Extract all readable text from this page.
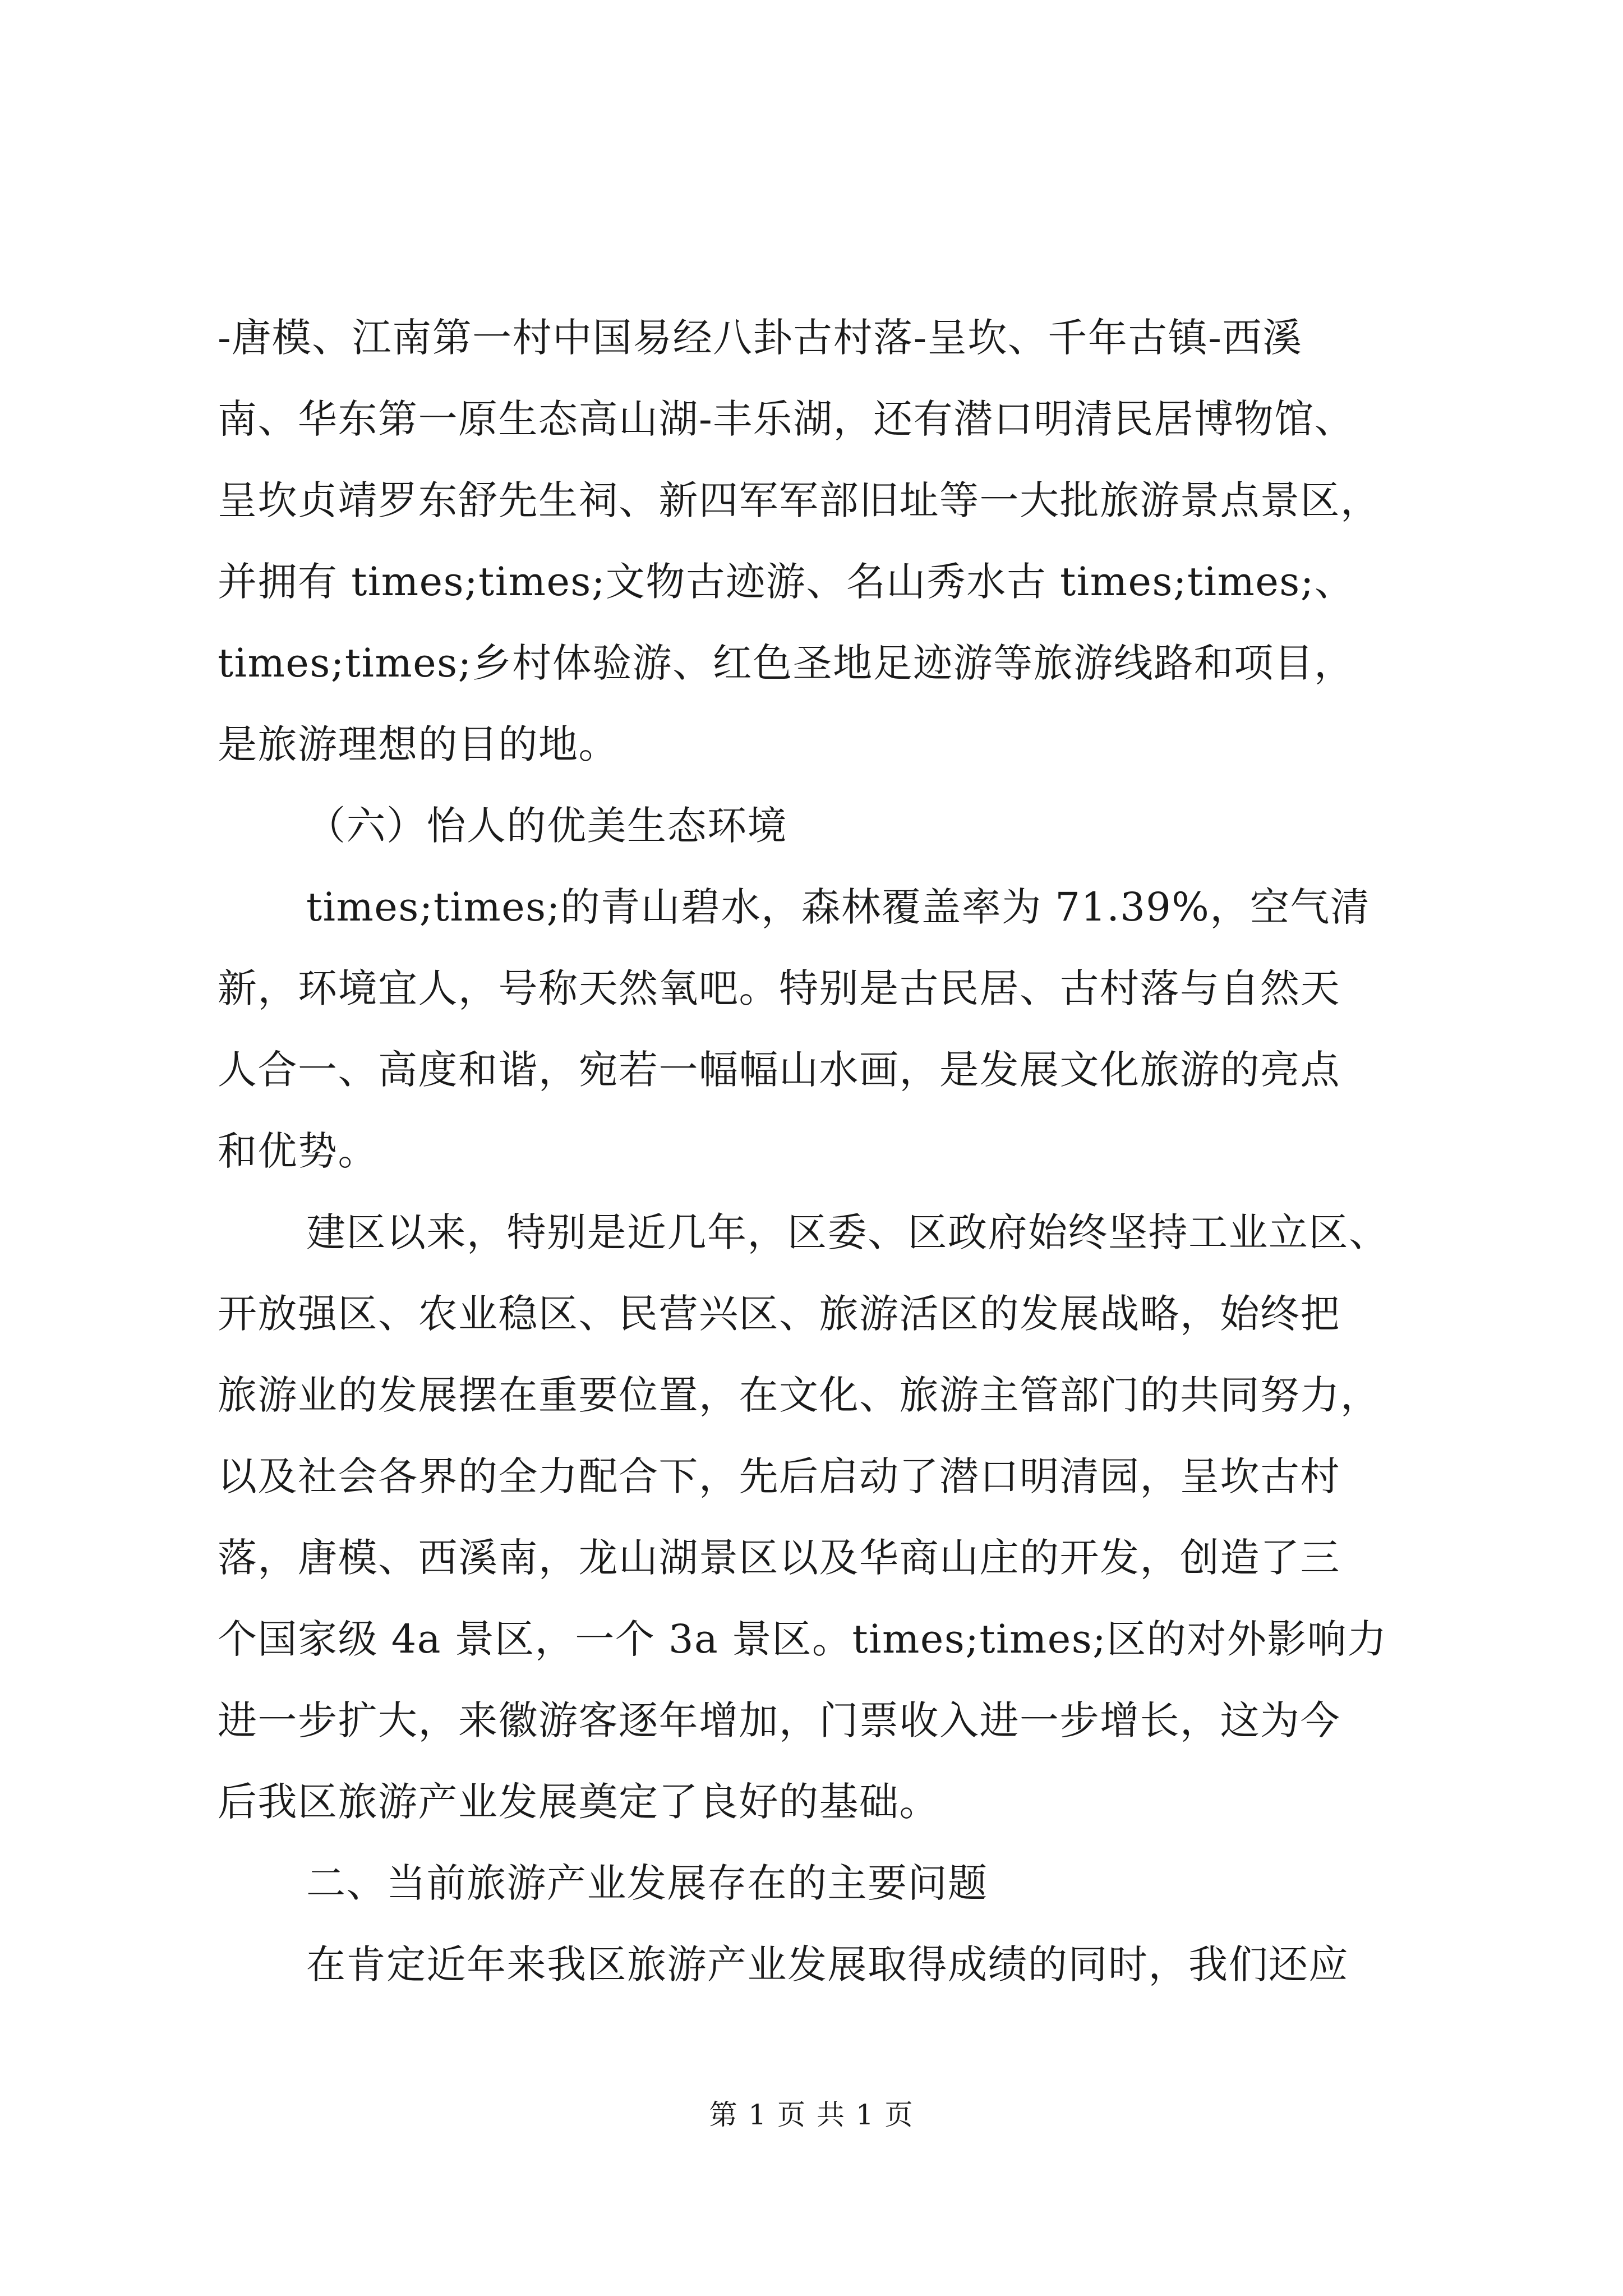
-唐模、江南第一村中国易经八卦古村落-呈坎、千年古镇-西溪
南、华东第一原生态高山湖-丰乐湖，还有潜口明清民居博物馆、
呈坎贞靖罗东舒先生祠、新四军军部旧址等一大批旅游景点景区，
并拥有 times;times;文物古迹游、名山秀水古 times;times;、
times;times;乡村体验游、红色圣地足迹游等旅游线路和项目，
是旅游理想的目的地。
（六）怡人的优美生态环境
times;times;的青山碧水，森林覆盖率为 71.39%，空气清
新，环境宜人，号称天然氧吧。特别是古民居、古村落与自然天
人合一、高度和谐，宛若一幅幅山水画，是发展文化旅游的亮点
和优势。
建区以来，特别是近几年，区委、区政府始终坚持工业立区、
开放强区、农业稳区、民营兴区、旅游活区的发展战略，始终把
旅游业的发展摆在重要位置，在文化、旅游主管部门的共同努力，
以及社会各界的全力配合下，先后启动了潜口明清园，呈坎古村
落，唐模、西溪南，龙山湖景区以及华商山庄的开发，创造了三
个国家级 4a 景区，一个 3a 景区。times;times;区的对外影响力
进一步扩大，来徽游客逐年增加，门票收入进一步增长，这为今
后我区旅游产业发展奠定了良好的基础。
二、当前旅游产业发展存在的主要问题
在肯定近年来我区旅游产业发展取得成绩的同时，我们还应
第 1 页 共 1 页
